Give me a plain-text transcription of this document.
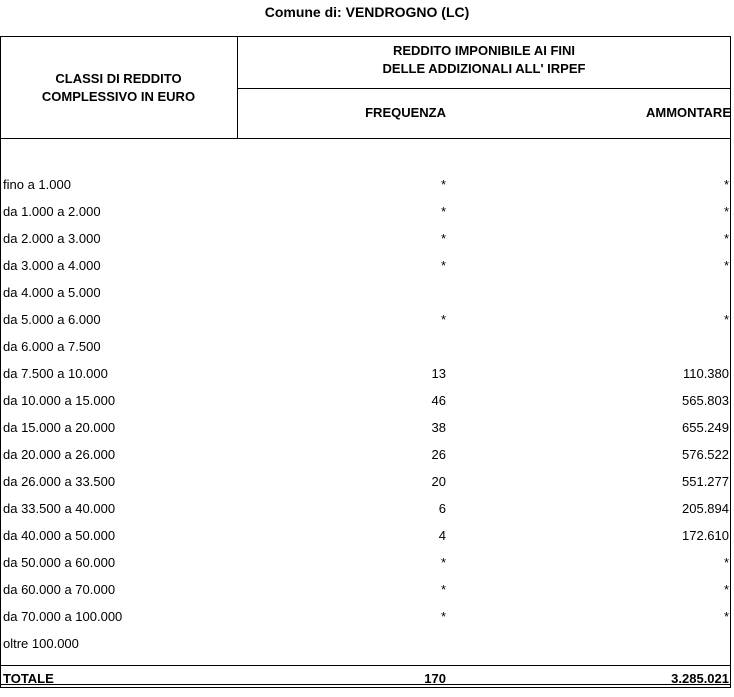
Comune di: VENDROGNO (LC)
CLASSI DI REDDITO
COMPLESSIVO IN EURO
REDDITO IMPONIBILE AI FINI
DELLE ADDIZIONALI ALL' IRPEF
FREQUENZA	AMMONTARE
fino a 1.000	*	*
da 1.000 a 2.000	*	*
da 2.000 a 3.000	*	*
da 3.000 a 4.000	*	*
da 4.000 a 5.000
da 5.000 a 6.000	*	*
da 6.000 a 7.500
da 7.500 a 10.000	13	110.380
da 10.000 a 15.000	46	565.803
da 15.000 a 20.000	38	655.249
da 20.000 a 26.000	26	576.522
da 26.000 a 33.500	20	551.277
da 33.500 a 40.000	6	205.894
da 40.000 a 50.000	4	172.610
da 50.000 a 60.000	*	*
da 60.000 a 70.000	*	*
da 70.000 a 100.000	*	*
oltre 100.000
TOTALE	170	3.285.021
